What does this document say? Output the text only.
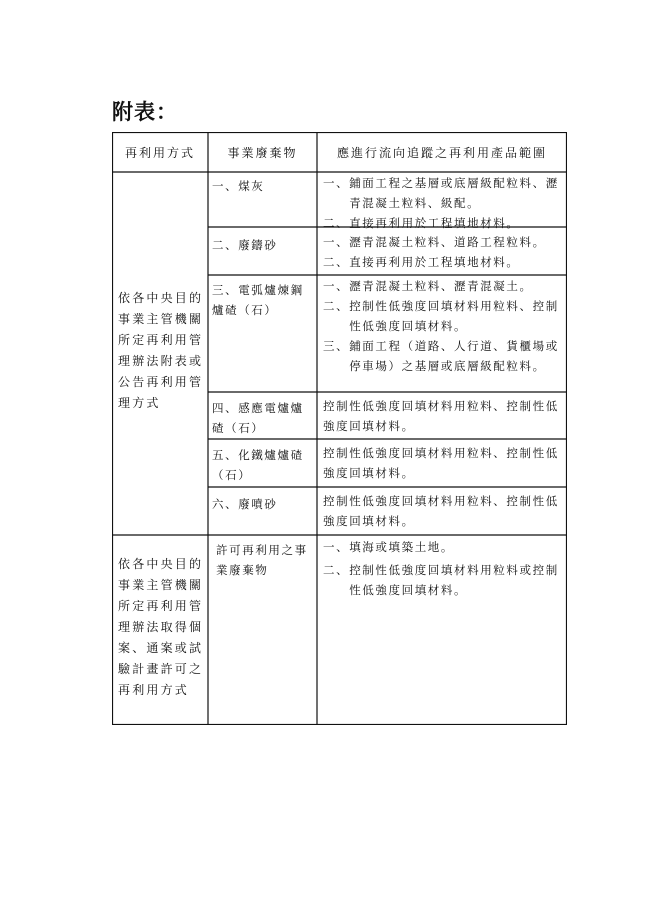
附表：
再利用方式	事業廢棄物	應進行流向追蹤之再利用產品範圍
依各中央目的
事業主管機關
所定再利用管
理辦法附表或
公告再利用管
理方式
一、煤灰
二、廢鑄砂
三、電弧爐煉鋼爐碴（石）
四、感應電爐爐碴（石）
五、化鐵爐爐碴（石）
六、廢噴砂
一、 鋪面工程之基層或底層級配粒料、瀝青混凝土粒料、級配。
二、 直接再利用於工程填地材料。
一、 瀝青混凝土粒料、道路工程粒料。
二、 直接再利用於工程填地材料。
一、 瀝青混凝土粒料、瀝青混凝土。
二、 控制性低強度回填材料用粒料、控制性低強度回填材料。
三、 鋪面工程（道路、人行道、貨櫃場或停車場）之基層或底層級配粒料。
控制性低強度回填材料用粒料、控制性低強度回填材料。
控制性低強度回填材料用粒料、控制性低強度回填材料。
控制性低強度回填材料用粒料、控制性低強度回填材料。
依各中央目的
事業主管機關
所定再利用管
理辦法取得個
案、通案或試
驗計畫許可之
再利用方式
許可再利用之事業廢棄物
一、 填海或填築土地。
二、 控制性低強度回填材料用粒料或控制性低強度回填材料。
